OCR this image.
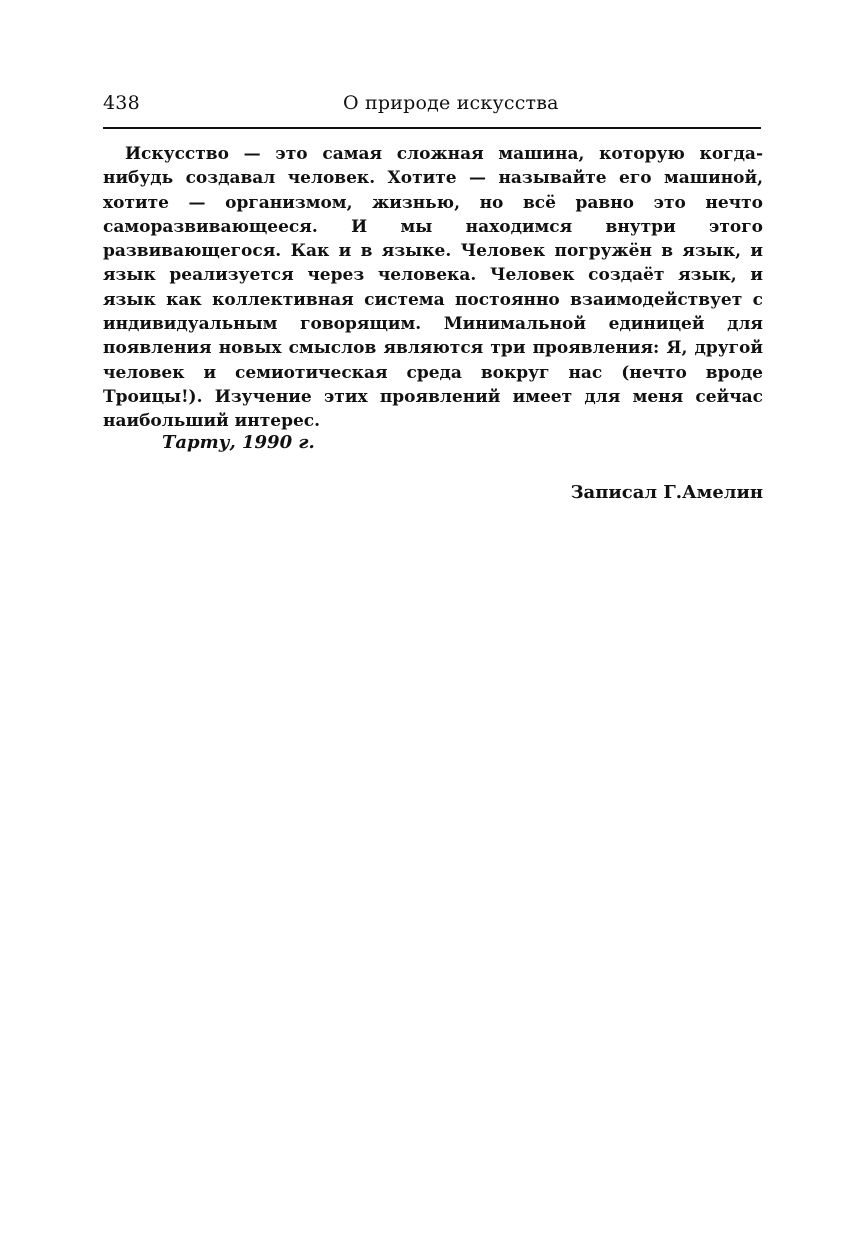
438	О природе искусства

Искусство — это самая сложная машина, которую когда-нибудь создавал человек. Хотите — называйте его машиной, хотите — организмом, жизнью, но всё равно это нечто саморазвивающееся. И мы находимся внутри этого развивающегося. Как и в языке. Человек погружён в язык, и язык реализуется через человека. Человек создаёт язык, и язык как коллективная система постоянно взаимодействует с индивидуальным говорящим. Минимальной единицей для появления новых смыслов являются три проявления: Я, другой человек и семиотическая среда вокруг нас (нечто вроде Троицы!). Изучение этих проявлений имеет для меня сейчас наибольший интерес.

Тарту, 1990 г.
Записал Г.Амелин
